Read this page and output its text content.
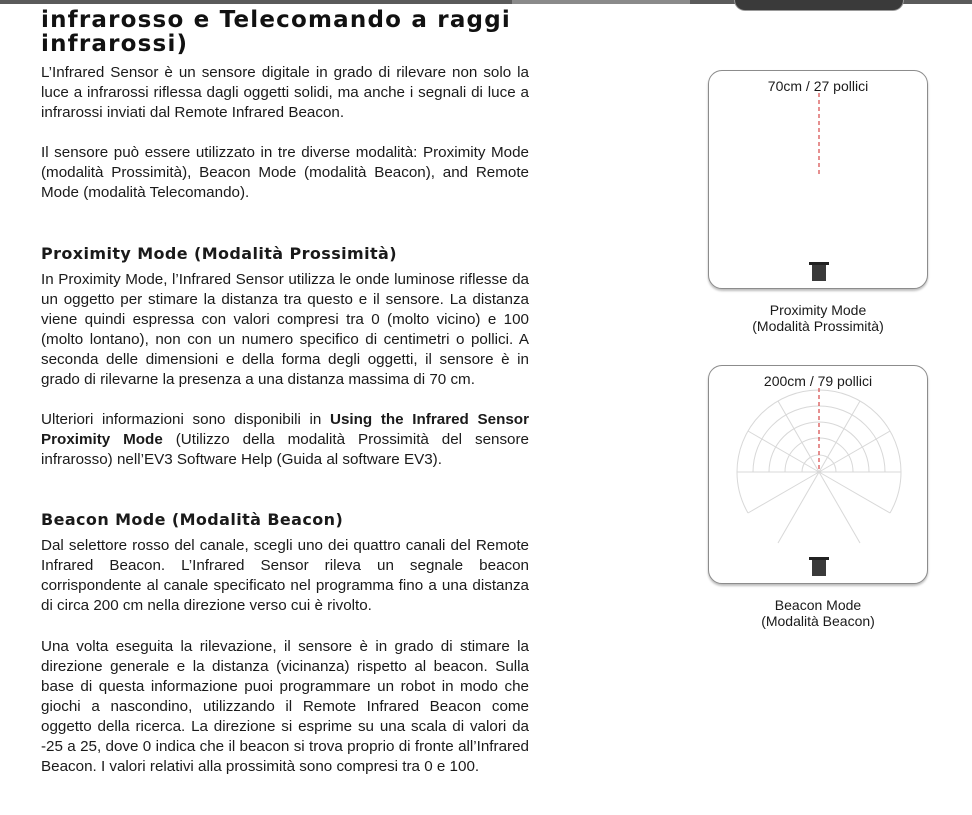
infrarosso e Telecomando a raggi infrarossi)

L’Infrared Sensor è un sensore digitale in grado di rilevare non solo la luce a infrarossi riflessa dagli oggetti solidi, ma anche i segnali di luce a infrarossi inviati dal Remote Infrared Beacon.

Il sensore può essere utilizzato in tre diverse modalità: Proximity Mode (modalità Prossimità), Beacon Mode (modalità Beacon), and Remote Mode (modalità Telecomando).

Proximity Mode (Modalità Prossimità)

In Proximity Mode, l’Infrared Sensor utilizza le onde luminose riflesse da un oggetto per stimare la distanza tra questo e il sensore. La distanza viene quindi espressa con valori compresi tra 0 (molto vicino) e 100 (molto lontano), non con un numero specifico di centimetri o pollici. A seconda delle dimensioni e della forma degli oggetti, il sensore è in grado di rilevarne la presenza a una distanza massima di 70 cm.

Ulteriori informazioni sono disponibili in Using the Infrared Sensor Proximity Mode (Utilizzo della modalità Prossimità del sensore infrarosso) nell’EV3 Software Help (Guida al software EV3).

Beacon Mode (Modalità Beacon)

Dal selettore rosso del canale, scegli uno dei quattro canali del Remote Infrared Beacon. L’Infrared Sensor rileva un segnale beacon corrispondente al canale specificato nel programma fino a una distanza di circa 200 cm nella direzione verso cui è rivolto.

Una volta eseguita la rilevazione, il sensore è in grado di stimare la direzione generale e la distanza (vicinanza) rispetto al beacon. Sulla base di questa informazione puoi programmare un robot in modo che giochi a nascondino, utilizzando il Remote Infrared Beacon come oggetto della ricerca. La direzione si esprime su una scala di valori da -25 a 25, dove 0 indica che il beacon si trova proprio di fronte all’Infrared Beacon. I valori relativi alla prossimità sono compresi tra 0 e 100.

70cm / 27 pollici
Proximity Mode
(Modalità Prossimità)
200cm / 79 pollici
Beacon Mode
(Modalità Beacon)
